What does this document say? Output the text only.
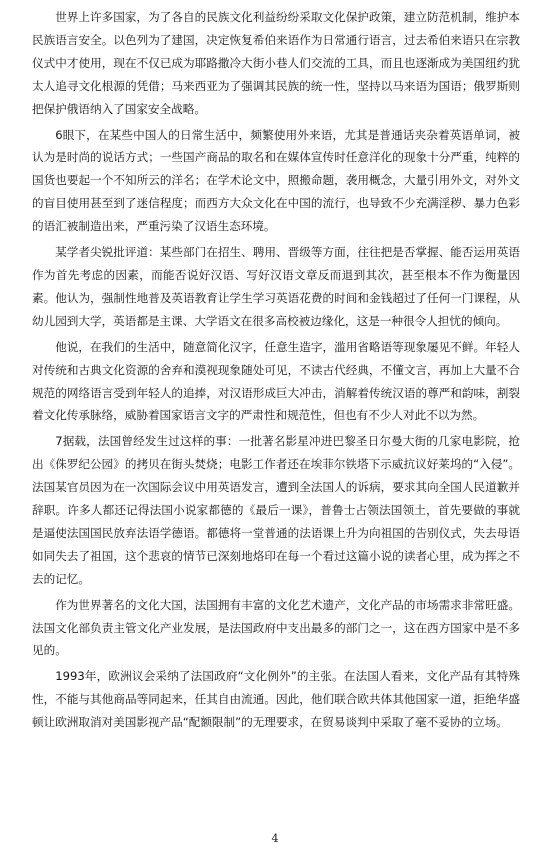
世界上许多国家，为了各自的民族文化利益纷纷采取文化保护政策，建立防范机制，维护本民族语言安全。以色列为了建国，决定恢复希伯来语作为日常通行语言，过去希伯来语只在宗教仪式中才使用，现在不仅已成为耶路撒冷大街小巷人们交流的工具，而且也逐渐成为美国纽约犹太人追寻文化根源的凭借；马来西亚为了强调其民族的统一性，坚持以马来语为国语；俄罗斯则把保护俄语纳入了国家安全战略。

6眼下，在某些中国人的日常生活中，频繁使用外来语，尤其是普通话夹杂着英语单词，被认为是时尚的说话方式；一些国产商品的取名和在媒体宣传时任意洋化的现象十分严重，纯粹的国货也要起一个不知所云的洋名；在学术论文中，照搬命题，袭用概念，大量引用外文，对外文的盲目使用甚至到了迷信程度；而西方大众文化在中国的流行，也导致不少充满淫秽、暴力色彩的语汇被制造出来，严重污染了汉语生态环境。

某学者尖锐批评道：某些部门在招生、聘用、晋级等方面，往往把是否掌握、能否运用英语作为首先考虑的因素，而能否说好汉语、写好汉语文章反而退到其次，甚至根本不作为衡量因素。他认为，强制性地普及英语教育让学生学习英语花费的时间和金钱超过了任何一门课程，从幼儿园到大学，英语都是主课、大学语文在很多高校被边缘化，这是一种很令人担忧的倾向。

他说，在我们的生活中，随意简化汉字，任意生造字，滥用省略语等现象屡见不鲜。年轻人对传统和古典文化资源的舍弃和漠视现象随处可见，不读古代经典，不懂文言，再加上大量不合规范的网络语言受到年轻人的追捧，对汉语形成巨大冲击，消解着传统汉语的尊严和韵味，割裂着文化传承脉络，威胁着国家语言文字的严肃性和规范性，但也有不少人对此不以为然。

7据载，法国曾经发生过这样的事：一批著名影星冲进巴黎圣日尔曼大街的几家电影院，抢出《侏罗纪公园》的拷贝在街头焚烧；电影工作者还在埃菲尔铁塔下示威抗议好莱坞的“入侵”。法国某官员因为在一次国际会议中用英语发言，遭到全法国人的诉病，要求其向全国人民道歉并辞职。许多人都还记得法国小说家都德的《最后一课》，普鲁士占领法国领土，首先要做的事就是逼使法国国民放弃法语学德语。都德将一堂普通的法语课上升为向祖国的告别仪式，失去母语如同失去了祖国，这个悲哀的情节已深刻地烙印在每一个看过这篇小说的读者心里，成为挥之不去的记忆。

作为世界著名的文化大国，法国拥有丰富的文化艺术遗产，文化产品的市场需求非常旺盛。法国文化部负责主管文化产业发展，是法国政府中支出最多的部门之一，这在西方国家中是不多见的。

1993年，欧洲议会采纳了法国政府“文化例外”的主张。在法国人看来，文化产品有其特殊性，不能与其他商品等同起来，任其自由流通。因此，他们联合欧共体其他国家一道，拒绝华盛顿让欧洲取消对美国影视产品“配额限制”的无理要求，在贸易谈判中采取了毫不妥协的立场。

4
